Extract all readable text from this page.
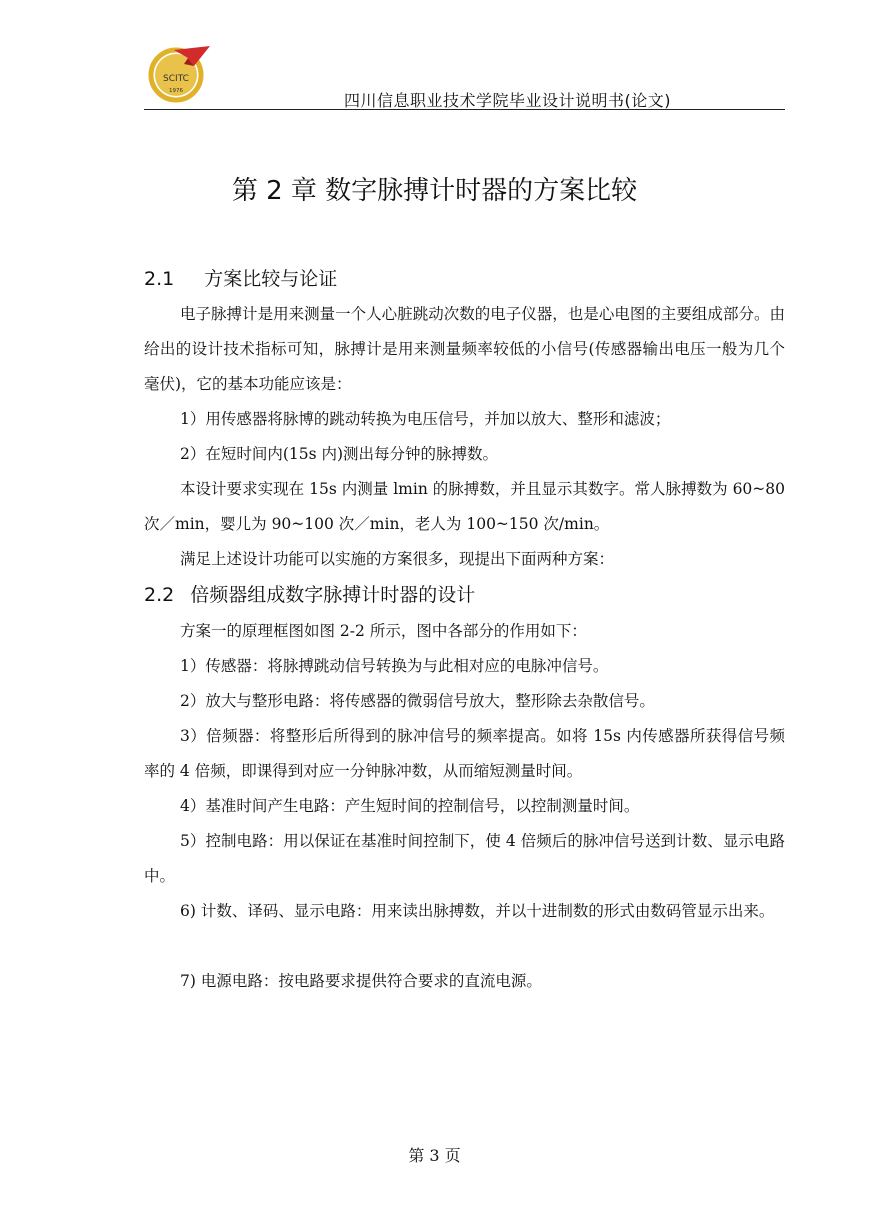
SCITC
1976	四川信息职业技术学院毕业设计说明书(论文)
第 2 章 数字脉搏计时器的方案比较
2.1 方案比较与论证
电子脉搏计是用来测量一个人心脏跳动次数的电子仪器，也是心电图的主要组成部分。由给出的设计技术指标可知，脉搏计是用来测量频率较低的小信号(传感器输出电压一般为几个毫伏)，它的基本功能应该是：
1）用传感器将脉博的跳动转换为电压信号，并加以放大、整形和滤波；
2）在短时间内(15s 内)测出每分钟的脉搏数。
本设计要求实现在 15s 内测量 lmin 的脉搏数，并且显示其数字。常人脉搏数为 60~80 次／min，婴儿为 90~100 次／min，老人为 100~150 次/min。
满足上述设计功能可以实施的方案很多，现提出下面两种方案：
2.2 倍频器组成数字脉搏计时器的设计
方案一的原理框图如图 2-2 所示，图中各部分的作用如下：
1）传感器：将脉搏跳动信号转换为与此相对应的电脉冲信号。
2）放大与整形电路：将传感器的微弱信号放大，整形除去杂散信号。
3）倍频器：将整形后所得到的脉冲信号的频率提高。如将 15s 内传感器所获得信号频率的 4 倍频，即课得到对应一分钟脉冲数，从而缩短测量时间。
4）基准时间产生电路：产生短时间的控制信号，以控制测量时间。
5）控制电路：用以保证在基准时间控制下，使 4 倍频后的脉冲信号送到计数、显示电路中。
6) 计数、译码、显示电路：用来读出脉搏数，并以十进制数的形式由数码管显示出来。
7) 电源电路：按电路要求提供符合要求的直流电源。
第 3 页
